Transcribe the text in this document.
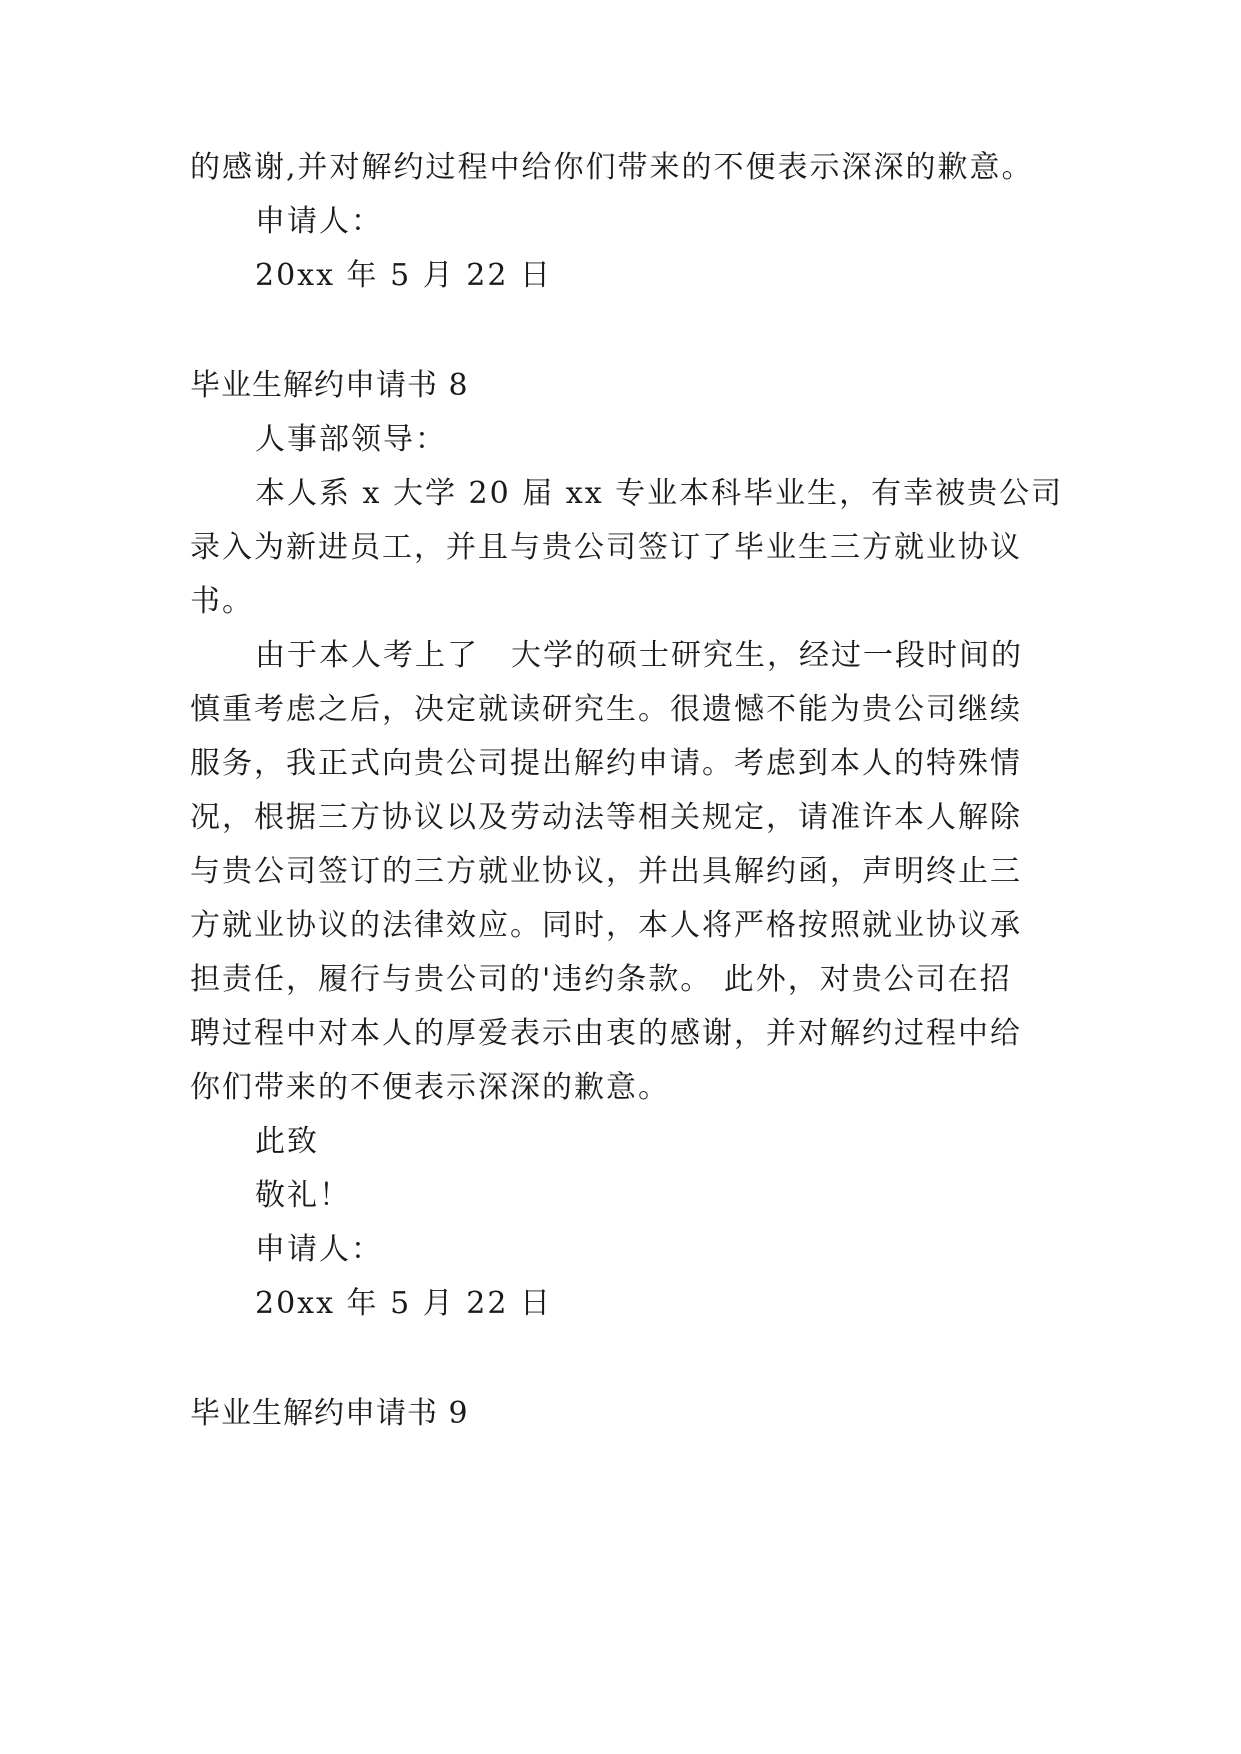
的感谢,并对解约过程中给你们带来的不便表示深深的歉意。

申请人：

20xx 年 5 月 22 日

毕业生解约申请书 8

人事部领导：

本人系 x 大学 20 届 xx 专业本科毕业生，有幸被贵公司

录入为新进员工，并且与贵公司签订了毕业生三方就业协议

书。

由于本人考上了　大学的硕士研究生，经过一段时间的

慎重考虑之后，决定就读研究生。很遗憾不能为贵公司继续

服务，我正式向贵公司提出解约申请。考虑到本人的特殊情

况，根据三方协议以及劳动法等相关规定，请准许本人解除

与贵公司签订的三方就业协议，并出具解约函，声明终止三

方就业协议的法律效应。同时，本人将严格按照就业协议承

担责任，履行与贵公司的'违约条款。 此外，对贵公司在招

聘过程中对本人的厚爱表示由衷的感谢，并对解约过程中给

你们带来的不便表示深深的歉意。

此致

敬礼！

申请人：

20xx 年 5 月 22 日

毕业生解约申请书 9
